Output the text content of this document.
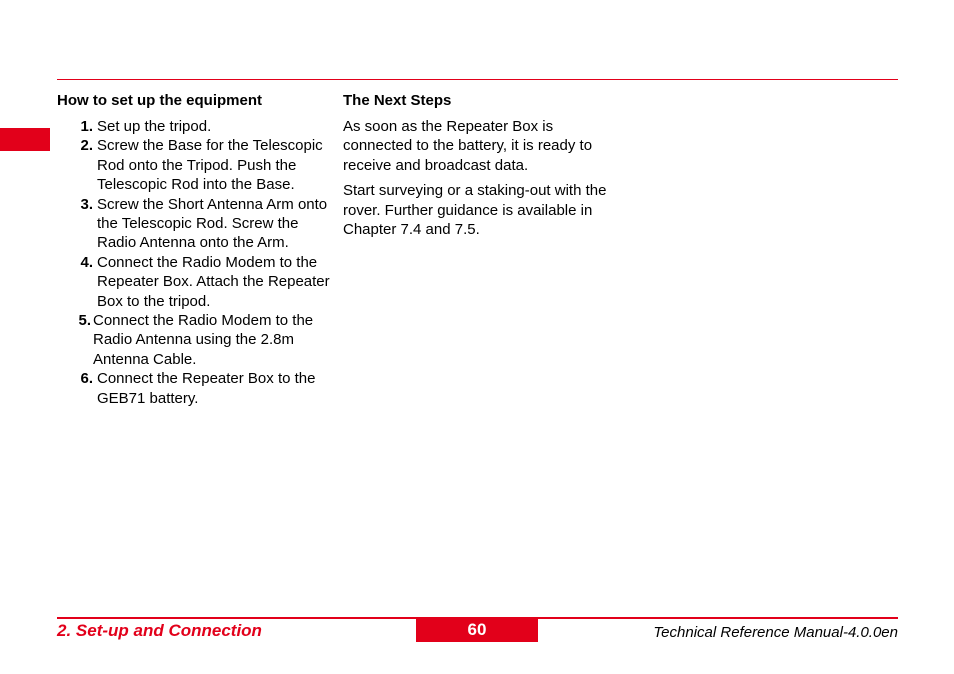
How to set up the equipment
1. Set up the tripod.
2. Screw the Base for the Telescopic Rod onto the Tripod. Push the Telescopic Rod into the Base.
3. Screw the Short Antenna Arm onto the Telescopic Rod. Screw the Radio Antenna onto the Arm.
4. Connect the Radio Modem to the Repeater Box. Attach the Repeater Box to the tripod.
5. Connect the Radio Modem to the Radio Antenna using the 2.8m Antenna Cable.
6. Connect the Repeater Box to the GEB71 battery.
The Next Steps

As soon as the Repeater Box is connected to the battery, it is ready to receive and broadcast data.

Start surveying or a staking-out with the rover. Further guidance is available in Chapter 7.4 and 7.5.

2. Set-up and Connection	60	Technical Reference Manual-4.0.0en
